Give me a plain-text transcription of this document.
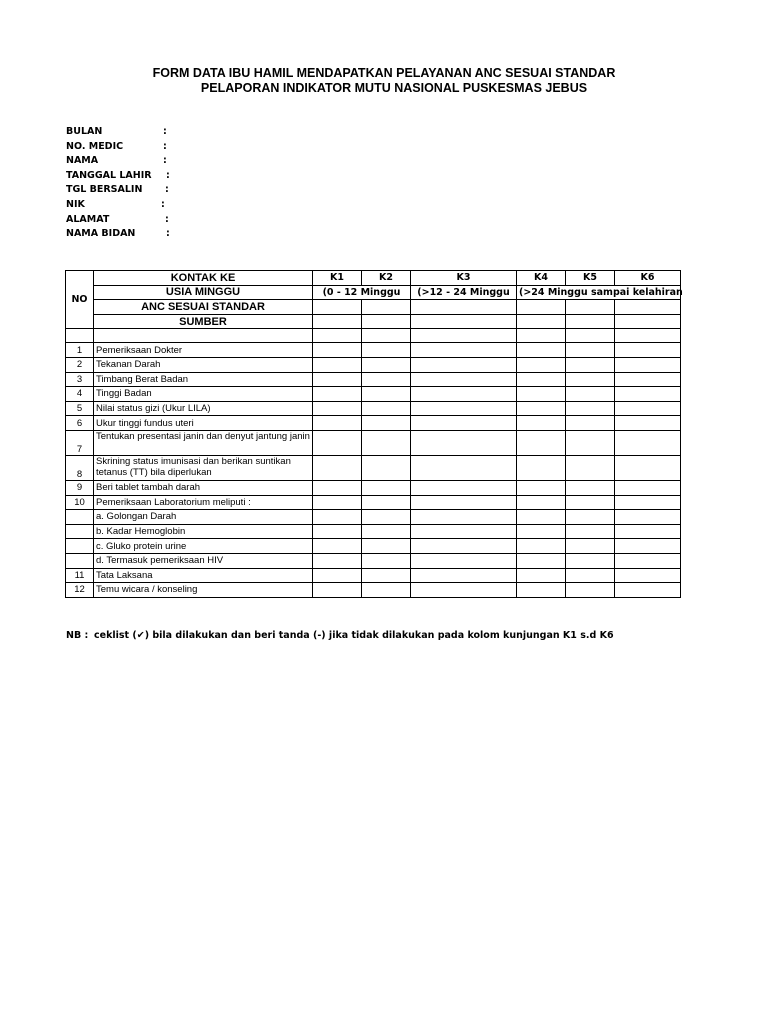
FORM DATA IBU HAMIL MENDAPATKAN PELAYANAN ANC SESUAI STANDAR
PELAPORAN INDIKATOR MUTU NASIONAL PUSKESMAS JEBUS
BULAN	:
NO. MEDIC	:
NAMA	:
TANGGAL LAHIR :
TGL BERSALIN :
NIK	:
ALAMAT	:
NAMA BIDAN	:
NO	KONTAK KE	K1	K2	K3	K4	K5	K6
	USIA MINGGU	(0 - 12 Minggu		(>12 - 24 Minggu	(>24 Minggu sampai kelahiran		
	ANC SESUAI STANDAR						
	SUMBER						

1	Pemeriksaan Dokter						
2	Tekanan Darah						
3	Timbang Berat Badan						
4	Tinggi Badan						
5	Nilai status gizi (Ukur LILA)						
6	Ukur tinggi fundus uteri						
7	Tentukan presentasi janin dan denyut jantung janin						
8	Skrining status imunisasi dan berikan suntikan tetanus (TT) bila diperlukan						
9	Beri tablet tambah darah						
10	Pemeriksaan Laboratorium meliputi :						
	a. Golongan Darah						
	b. Kadar Hemoglobin						
	c. Gluko protein urine						
	d. Termasuk pemeriksaan HIV						
11	Tata Laksana						
12	Temu wicara / konseling						
NB : ceklist (✔) bila dilakukan dan beri tanda (-) jika tidak dilakukan pada kolom kunjungan K1 s.d K6
